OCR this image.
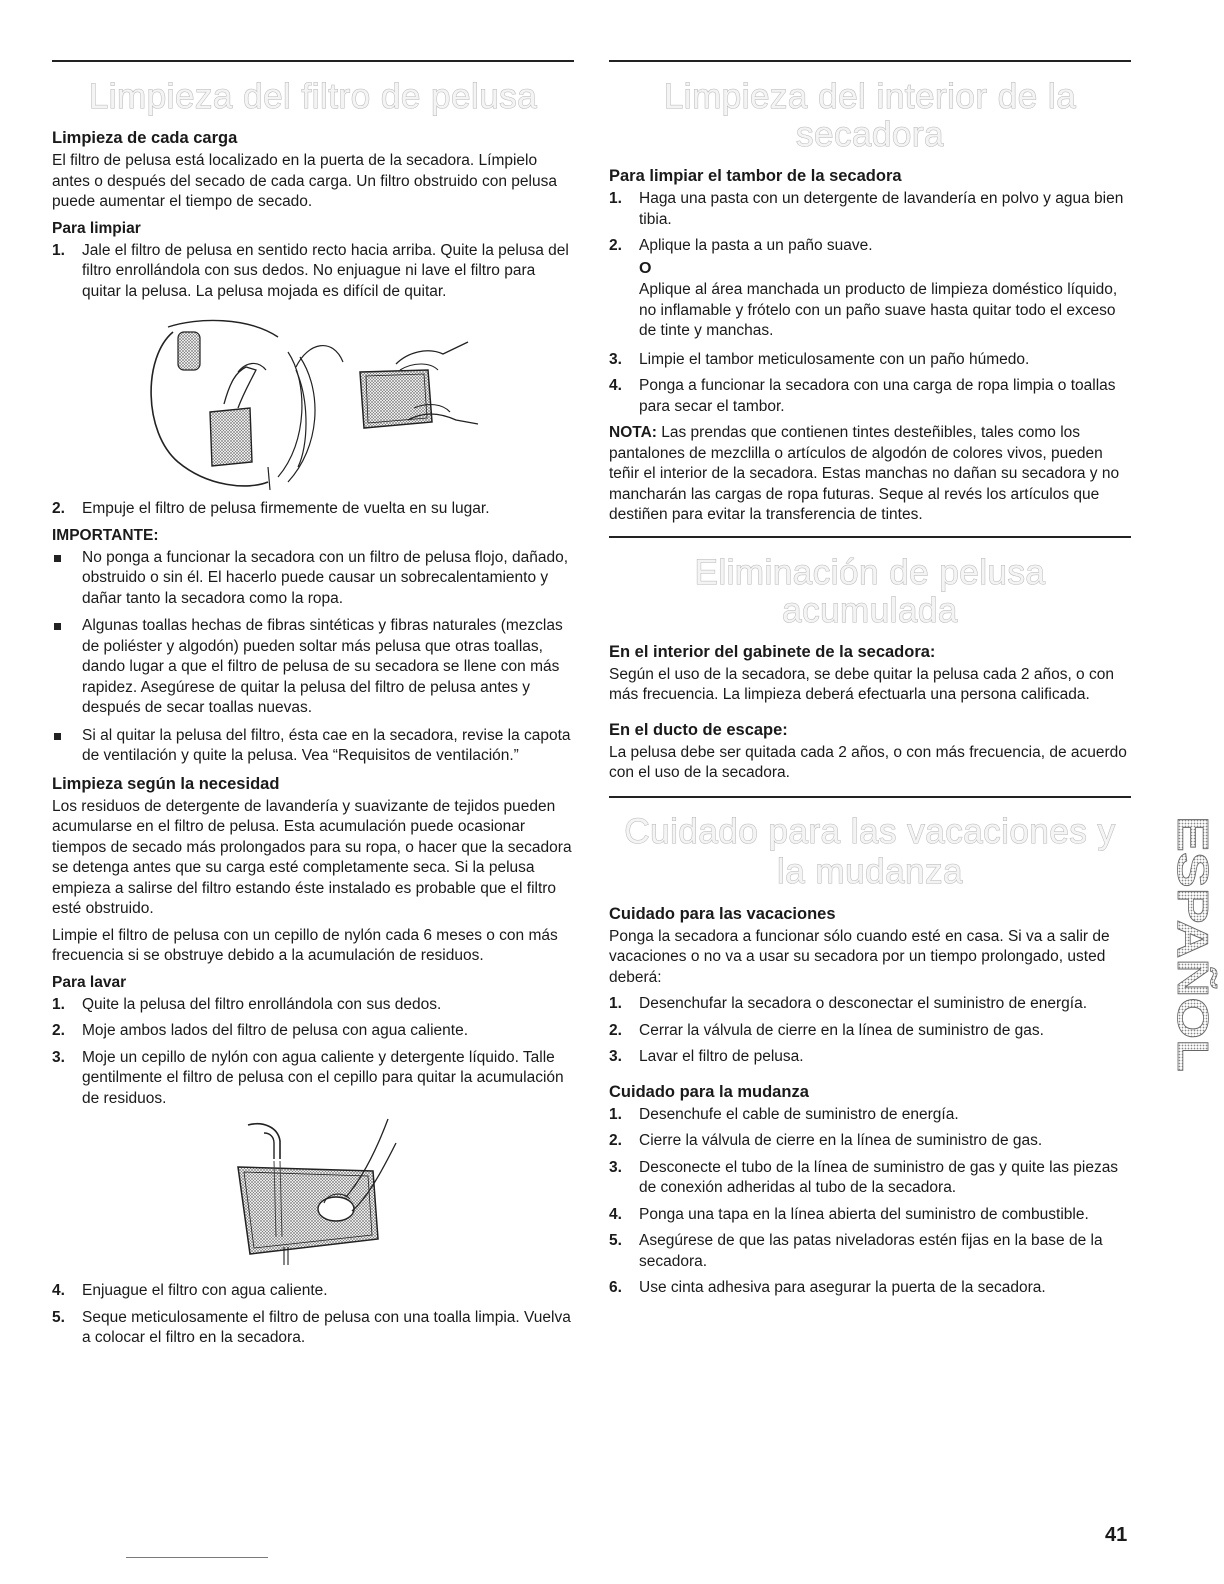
Limpieza del filtro de pelusa
Limpieza de cada carga

El filtro de pelusa está localizado en la puerta de la secadora. Límpielo antes o después del secado de cada carga. Un filtro obstruido con pelusa puede aumentar el tiempo de secado.

Para limpiar
1. Jale el filtro de pelusa en sentido recto hacia arriba. Quite la pelusa del filtro enrollándola con sus dedos. No enjuague ni lave el filtro para quitar la pelusa. La pelusa mojada es difícil de quitar.
2. Empuje el filtro de pelusa firmemente de vuelta en su lugar.
IMPORTANTE:
No ponga a funcionar la secadora con un filtro de pelusa flojo, dañado, obstruido o sin él. El hacerlo puede causar un sobrecalentamiento y dañar tanto la secadora como la ropa.
Algunas toallas hechas de fibras sintéticas y fibras naturales (mezclas de poliéster y algodón) pueden soltar más pelusa que otras toallas, dando lugar a que el filtro de pelusa de su secadora se llene con más rapidez. Asegúrese de quitar la pelusa del filtro de pelusa antes y después de secar toallas nuevas.
Si al quitar la pelusa del filtro, ésta cae en la secadora, revise la capota de ventilación y quite la pelusa. Vea “Requisitos de ventilación.”
Limpieza según la necesidad

Los residuos de detergente de lavandería y suavizante de tejidos pueden acumularse en el filtro de pelusa. Esta acumulación puede ocasionar tiempos de secado más prolongados para su ropa, o hacer que la secadora se detenga antes que su carga esté completamente seca. Si la pelusa empieza a salirse del filtro estando éste instalado es probable que el filtro esté obstruido.

Limpie el filtro de pelusa con un cepillo de nylón cada 6 meses o con más frecuencia si se obstruye debido a la acumulación de residuos.

Para lavar
1. Quite la pelusa del filtro enrollándola con sus dedos.
2. Moje ambos lados del filtro de pelusa con agua caliente.
3. Moje un cepillo de nylón con agua caliente y detergente líquido. Talle gentilmente el filtro de pelusa con el cepillo para quitar la acumulación de residuos.
4. Enjuague el filtro con agua caliente.
5. Seque meticulosamente el filtro de pelusa con una toalla limpia. Vuelva a colocar el filtro en la secadora.
Limpieza del interior de la secadora
Para limpiar el tambor de la secadora
1. Haga una pasta con un detergente de lavandería en polvo y agua bien tibia.
2. Aplique la pasta a un paño suave.
O
Aplique al área manchada un producto de limpieza doméstico líquido, no inflamable y frótelo con un paño suave hasta quitar todo el exceso de tinte y manchas.
3. Limpie el tambor meticulosamente con un paño húmedo.
4. Ponga a funcionar la secadora con una carga de ropa limpia o toallas para secar el tambor.

NOTA: Las prendas que contienen tintes desteñibles, tales como los pantalones de mezclilla o artículos de algodón de colores vivos, pueden teñir el interior de la secadora. Estas manchas no dañan su secadora y no mancharán las cargas de ropa futuras. Seque al revés los artículos que destiñen para evitar la transferencia de tintes.

Eliminación de pelusa acumulada
En el interior del gabinete de la secadora:

Según el uso de la secadora, se debe quitar la pelusa cada 2 años, o con más frecuencia. La limpieza deberá efectuarla una persona calificada.

En el ducto de escape:

La pelusa debe ser quitada cada 2 años, o con más frecuencia, de acuerdo con el uso de la secadora.

Cuidado para las vacaciones y
la mudanza
Cuidado para las vacaciones

Ponga la secadora a funcionar sólo cuando esté en casa. Si va a salir de vacaciones o no va a usar su secadora por un tiempo prolongado, usted deberá:

1. Desenchufar la secadora o desconectar el suministro de energía.
2. Cerrar la válvula de cierre en la línea de suministro de gas.
3. Lavar el filtro de pelusa.
Cuidado para la mudanza
1. Desenchufe el cable de suministro de energía.
2. Cierre la válvula de cierre en la línea de suministro de gas.
3. Desconecte el tubo de la línea de suministro de gas y quite las piezas de conexión adheridas al tubo de la secadora.
4. Ponga una tapa en la línea abierta del suministro de combustible.
5. Asegúrese de que las patas niveladoras estén fijas en la base de la secadora.
6. Use cinta adhesiva para asegurar la puerta de la secadora.
ESPAÑOL
41
